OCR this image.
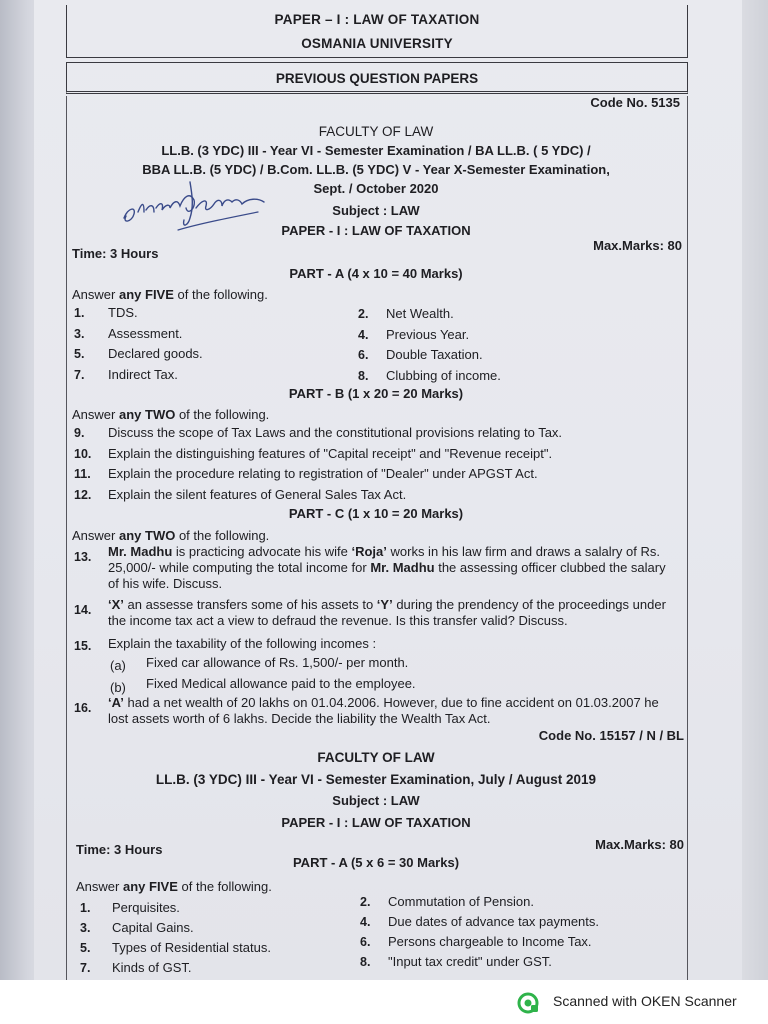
PAPER – I : LAW OF TAXATION
OSMANIA UNIVERSITY
PREVIOUS QUESTION PAPERS
Code No. 5135
FACULTY OF LAW
LL.B. (3 YDC) III - Year VI - Semester Examination / BA LL.B. ( 5 YDC) /
BBA LL.B. (5 YDC) / B.Com. LL.B. (5 YDC) V - Year X-Semester Examination,
Sept. / October 2020
Subject : LAW
PAPER - I : LAW OF TAXATION
Time: 3 Hours
Max.Marks: 80
PART - A (4 x 10 = 40 Marks)
Answer any FIVE of the following.
1. TDS.	2. Net Wealth.
3. Assessment.	4. Previous Year.
5. Declared goods.	6. Double Taxation.
7. Indirect Tax.	8. Clubbing of income.
PART - B (1 x 20 = 20 Marks)
Answer any TWO of the following.
9. Discuss the scope of Tax Laws and the constitutional provisions relating to Tax.
10. Explain the distinguishing features of "Capital receipt" and "Revenue receipt".
11. Explain the procedure relating to registration of "Dealer" under APGST Act.
12. Explain the silent features of General Sales Tax Act.
PART - C (1 x 10 = 20 Marks)
Answer any TWO of the following.
13. Mr. Madhu is practicing advocate his wife ‘Roja’ works in his law firm and draws a salalry of Rs. 25,000/- while computing the total income for Mr. Madhu the assessing officer clubbed the salary of his wife. Discuss.
14. ‘X’ an assesse transfers some of his assets to ‘Y’ during the prendency of the proceedings under the income tax act a view to defraud the revenue. Is this transfer valid? Discuss.
15. Explain the taxability of the following incomes :
(a) Fixed car allowance of Rs. 1,500/- per month.
(b) Fixed Medical allowance paid to the employee.
16. ‘A’ had a net wealth of 20 lakhs on 01.04.2006. However, due to fine accident on 01.03.2007 he lost assets worth of 6 lakhs. Decide the liability the Wealth Tax Act.
Code No. 15157 / N / BL
FACULTY OF LAW
LL.B. (3 YDC) III - Year VI - Semester Examination, July / August 2019
Subject : LAW
PAPER - I : LAW OF TAXATION
Time: 3 Hours	Max.Marks: 80
PART - A (5 x 6 = 30 Marks)
Answer any FIVE of the following.
1. Perquisites.	2. Commutation of Pension.
3. Capital Gains.	4. Due dates of advance tax payments.
5. Types of Residential status.	6. Persons chargeable to Income Tax.
7. Kinds of GST.	8. "Input tax credit" under GST.
Scanned with OKEN Scanner
